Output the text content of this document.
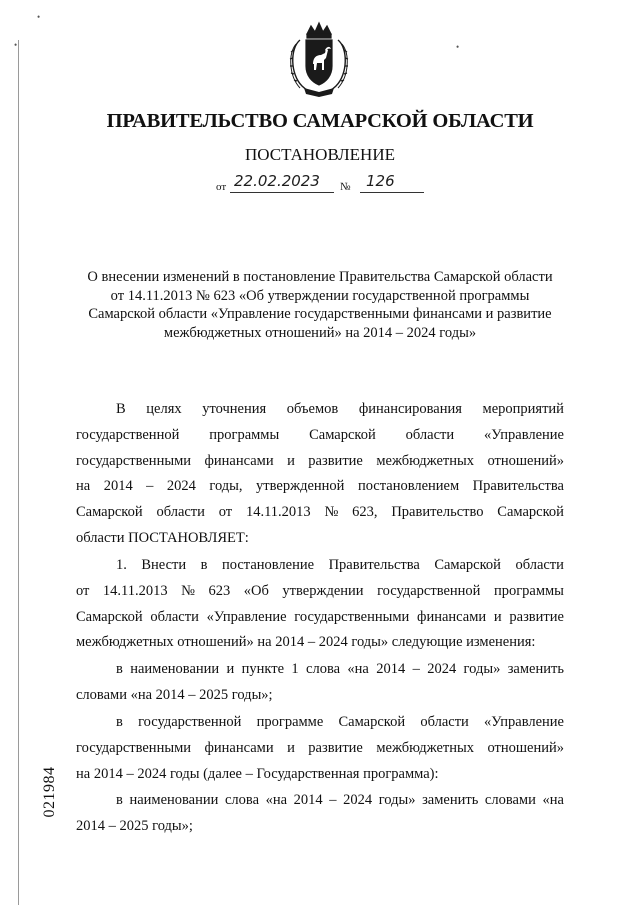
•
•	•
ПРАВИТЕЛЬСТВО САМАРСКОЙ ОБЛАСТИ
ПОСТАНОВЛЕНИЕ
от 22.02.2023 № 126
О внесении изменений в постановление Правительства Самарской области
от 14.11.2013 № 623 «Об утверждении государственной программы
Самарской области «Управление государственными финансами и развитие
межбюджетных отношений» на 2014 – 2024 годы»
В целях уточнения объемов финансирования мероприятий
государственной программы Самарской области «Управление
государственными финансами и развитие межбюджетных отношений»
на 2014 – 2024 годы, утвержденной постановлением Правительства
Самарской области от 14.11.2013 № 623, Правительство Самарской
области ПОСТАНОВЛЯЕТ:
1. Внести в постановление Правительства Самарской области
от 14.11.2013 № 623 «Об утверждении государственной программы
Самарской области «Управление государственными финансами и развитие
межбюджетных отношений» на 2014 – 2024 годы» следующие изменения:
в наименовании и пункте 1 слова «на 2014 – 2024 годы» заменить
словами «на 2014 – 2025 годы»;
в государственной программе Самарской области «Управление
государственными финансами и развитие межбюджетных отношений»
на 2014 – 2024 годы (далее – Государственная программа):
в наименовании слова «на 2014 – 2024 годы» заменить словами «на
2014 – 2025 годы»;
021984
